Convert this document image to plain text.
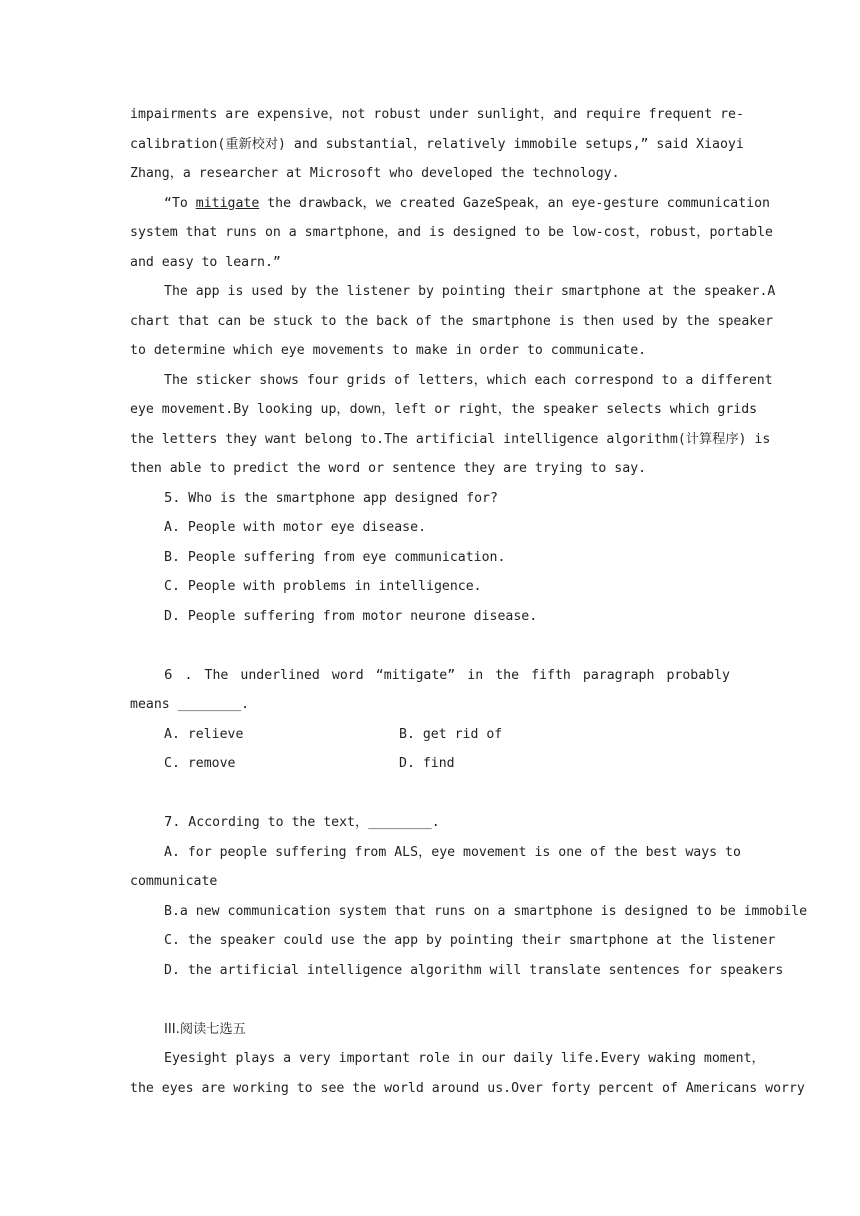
impairments are expensive，not robust under sunlight，and require frequent re-
calibration(重新校对) and substantial，relatively immobile setups,” said Xiaoyi
Zhang，a researcher at Microsoft who developed the technology.
“To mitigate the drawback，we created GazeSpeak，an eye-gesture communication
system that runs on a smartphone，and is designed to be low-cost，robust，portable
and easy to learn.”
The app is used by the listener by pointing their smartphone at the speaker.A
chart that can be stuck to the back of the smartphone is then used by the speaker
to determine which eye movements to make in order to communicate.
The sticker shows four grids of letters，which each correspond to a different
eye movement.By looking up，down，left or right，the speaker selects which grids
the letters they want belong to.The artificial intelligence algorithm(计算程序) is
then able to predict the word or sentence they are trying to say.
5. Who is the smartphone app designed for?
A. People with motor eye disease.
B. People suffering from eye communication.
C. People with problems in intelligence.
D. People suffering from motor neurone disease.
6 . The underlined word “mitigate” in the fifth paragraph probably
means ________.
A. relieve	B. get rid of
C. remove	D. find
7. According to the text，________.
A. for people suffering from ALS，eye movement is one of the best ways to
communicate
B.a new communication system that runs on a smartphone is designed to be immobile
C. the speaker could use the app by pointing their smartphone at the listener
D. the artificial intelligence algorithm will translate sentences for speakers
III.阅读七选五
Eyesight plays a very important role in our daily life.Every waking moment，
the eyes are working to see the world around us.Over forty percent of Americans worry
